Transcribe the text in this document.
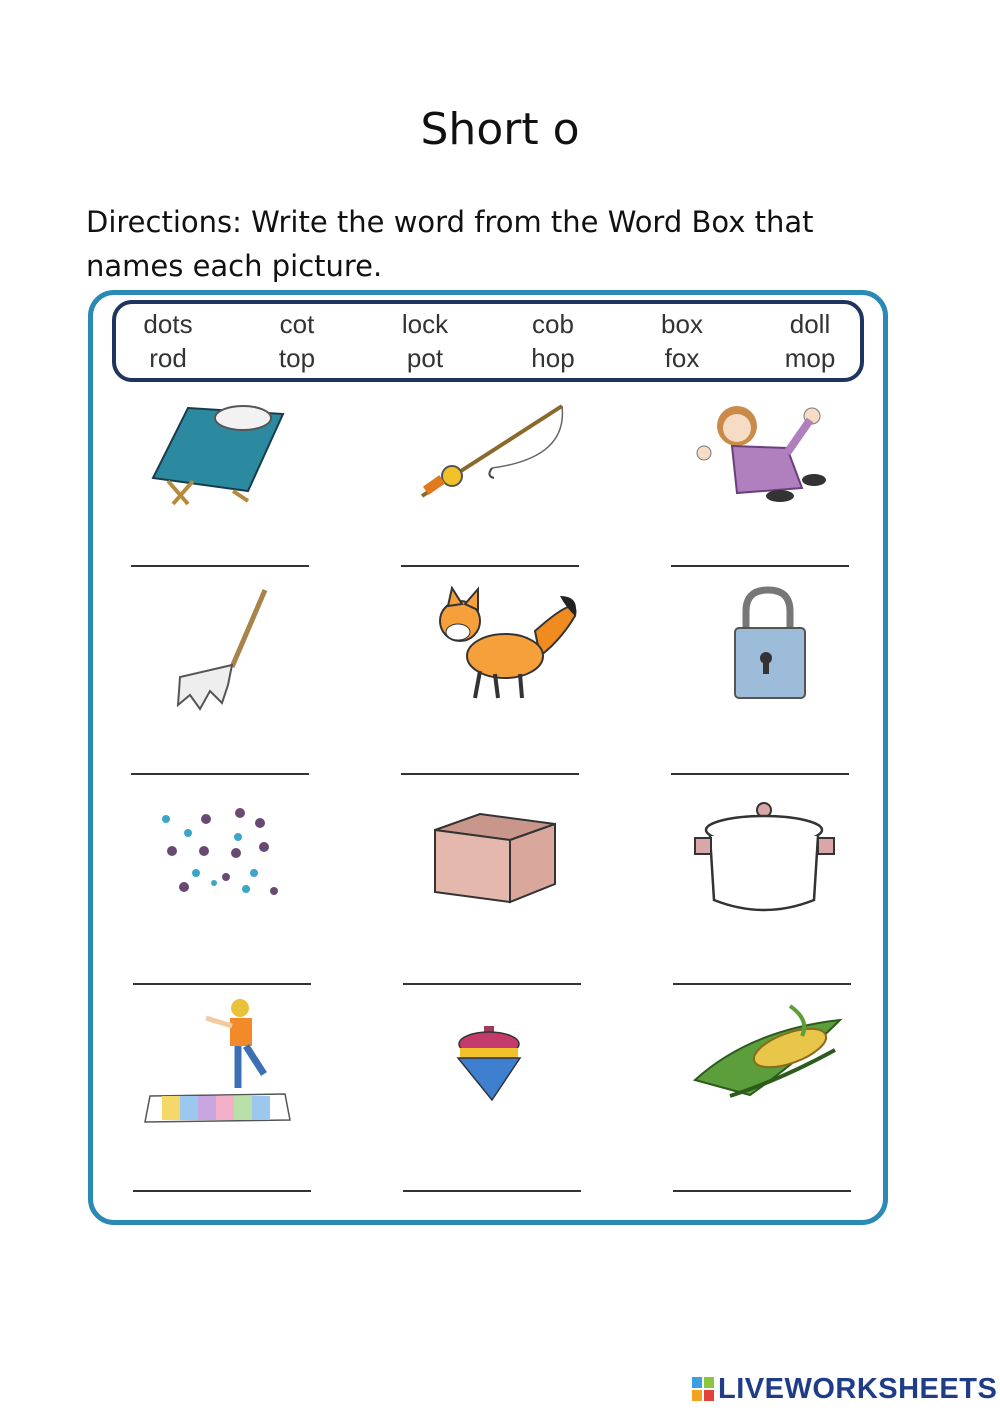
Short o
Directions: Write the word from the Word Box that names each picture.
dots	cot	lock	cob	box	doll
rod	top	pot	hop	fox	mop
LIVEWORKSHEETS
